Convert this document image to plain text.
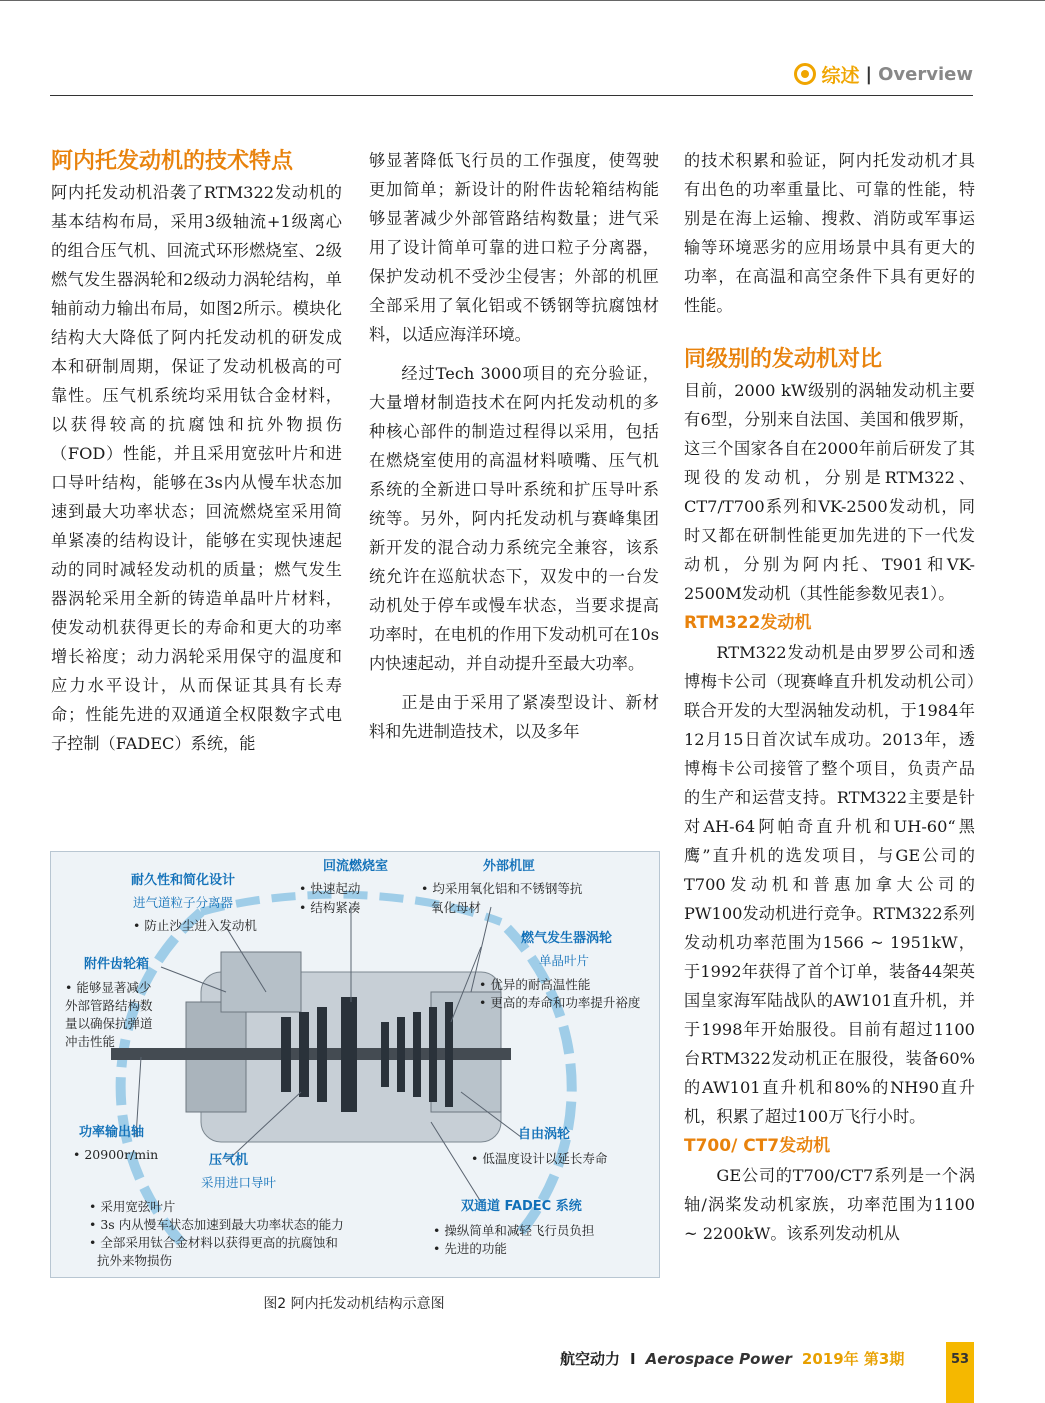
综述 | Overview

阿内托发动机的技术特点

阿内托发动机沿袭了RTM322发动机的基本结构布局，采用3级轴流+1级离心的组合压气机、回流式环形燃烧室、2级燃气发生器涡轮和2级动力涡轮结构，单轴前动力输出布局，如图2所示。模块化结构大大降低了阿内托发动机的研发成本和研制周期，保证了发动机极高的可靠性。压气机系统均采用钛合金材料，以获得较高的抗腐蚀和抗外物损伤（FOD）性能，并且采用宽弦叶片和进口导叶结构，能够在3s内从慢车状态加速到最大功率状态；回流燃烧室采用简单紧凑的结构设计，能够在实现快速起动的同时减轻发动机的质量；燃气发生器涡轮采用全新的铸造单晶叶片材料，使发动机获得更长的寿命和更大的功率增长裕度；动力涡轮采用保守的温度和应力水平设计，从而保证其具有长寿命；性能先进的双通道全权限数字式电子控制（FADEC）系统，能

够显著降低飞行员的工作强度，使驾驶更加简单；新设计的附件齿轮箱结构能够显著减少外部管路结构数量；进气采用了设计简单可靠的进口粒子分离器，保护发动机不受沙尘侵害；外部的机匣全部采用了氧化铝或不锈钢等抗腐蚀材料，以适应海洋环境。

经过Tech 3000项目的充分验证，大量增材制造技术在阿内托发动机的多种核心部件的制造过程得以采用，包括在燃烧室使用的高温材料喷嘴、压气机系统的全新进口导叶系统和扩压导叶系统等。另外，阿内托发动机与赛峰集团新开发的混合动力系统完全兼容，该系统允许在巡航状态下，双发中的一台发动机处于停车或慢车状态，当要求提高功率时，在电机的作用下发动机可在10s内快速起动，并自动提升至最大功率。

正是由于采用了紧凑型设计、新材料和先进制造技术，以及多年

的技术积累和验证，阿内托发动机才具有出色的功率重量比、可靠的性能，特别是在海上运输、搜救、消防或军事运输等环境恶劣的应用场景中具有更大的功率，在高温和高空条件下具有更好的性能。

同级别的发动机对比

目前，2000 kW级别的涡轴发动机主要有6型，分别来自法国、美国和俄罗斯，这三个国家各自在2000年前后研发了其现役的发动机，分别是RTM322、CT7/T700系列和VK-2500发动机，同时又都在研制性能更加先进的下一代发动机，分别为阿内托、T901和VK-2500M发动机（其性能参数见表1）。

RTM322发动机

RTM322发动机是由罗罗公司和透博梅卡公司（现赛峰直升机发动机公司）联合开发的大型涡轴发动机，于1984年12月15日首次试车成功。2013年，透博梅卡公司接管了整个项目，负责产品的生产和运营支持。RTM322主要是针对AH-64阿帕奇直升机和UH-60“黑鹰”直升机的选发项目，与GE公司的T700发动机和普惠加拿大公司的PW100发动机进行竞争。RTM322系列发动机功率范围为1566 ~ 1951kW，于1992年获得了首个订单，装备44架英国皇家海军陆战队的AW101直升机，并于1998年开始服役。目前有超过1100台RTM322发动机正在服役，装备60%的AW101直升机和80%的NH90直升机，积累了超过100万飞行小时。

T700/ CT7发动机

GE公司的T700/CT7系列是一个涡轴/涡桨发动机家族，功率范围为1100 ~ 2200kW。该系列发动机从

耐久性和简化设计
进气道粒子分离器
• 防止沙尘进入发动机
回流燃烧室
• 快速起动
• 结构紧凑
外部机匣
• 均采用氧化铝和不锈钢等抗
氧化母材
燃气发生器涡轮
单晶叶片
• 优异的耐高温性能
• 更高的寿命和功率提升裕度
附件齿轮箱
• 能够显著减少
外部管路结构数
量以确保抗弹道
冲击性能
功率输出轴
• 20900r/min	压气机
采用进口导叶
• 采用宽弦叶片
• 3s 内从慢车状态加速到最大功率状态的能力
• 全部采用钛合金材料以获得更高的抗腐蚀和
抗外来物损伤
自由涡轮
• 低温度设计以延长寿命
双通道 FADEC 系统
• 操纵简单和减轻飞行员负担
• 先进的功能
图2 阿内托发动机结构示意图
航空动力 I Aerospace Power 2019年 第3期	53
